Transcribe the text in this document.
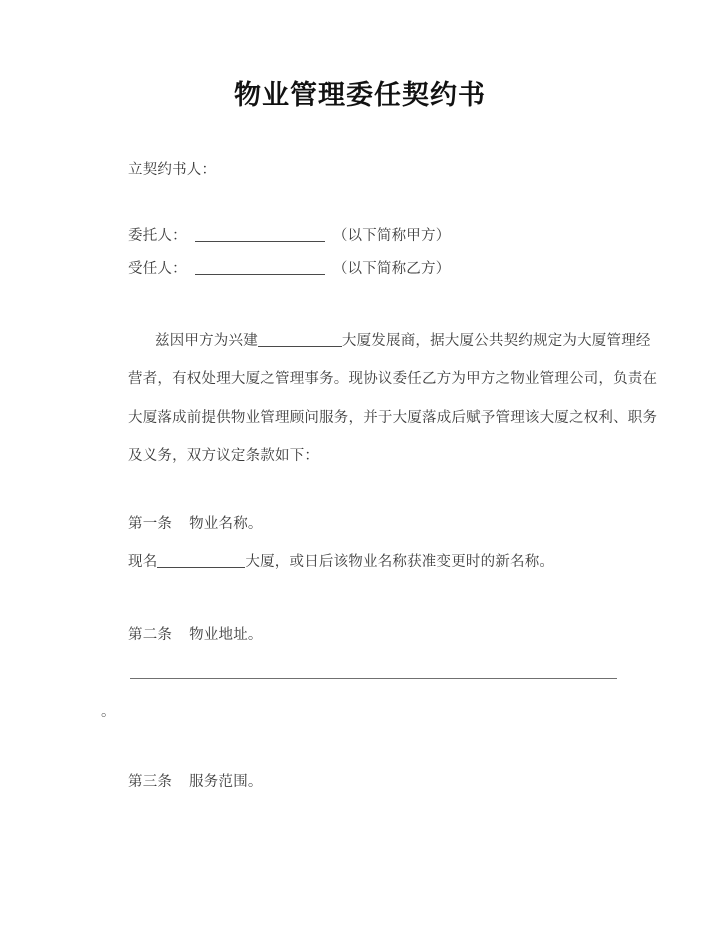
物业管理委任契约书
立契约书人：
委托人：	（以下简称甲方）
受任人：	（以下简称乙方）
兹因甲方为兴建	大厦发展商，据大厦公共契约规定为大厦管理经
营者，有权处理大厦之管理事务。现协议委任乙方为甲方之物业管理公司，负责在
大厦落成前提供物业管理顾问服务，并于大厦落成后赋予管理该大厦之权利、职务
及义务，双方议定条款如下：
第一条 物业名称。
现名	大厦，或日后该物业名称获准变更时的新名称。
第二条 物业地址。
。
第三条 服务范围。
